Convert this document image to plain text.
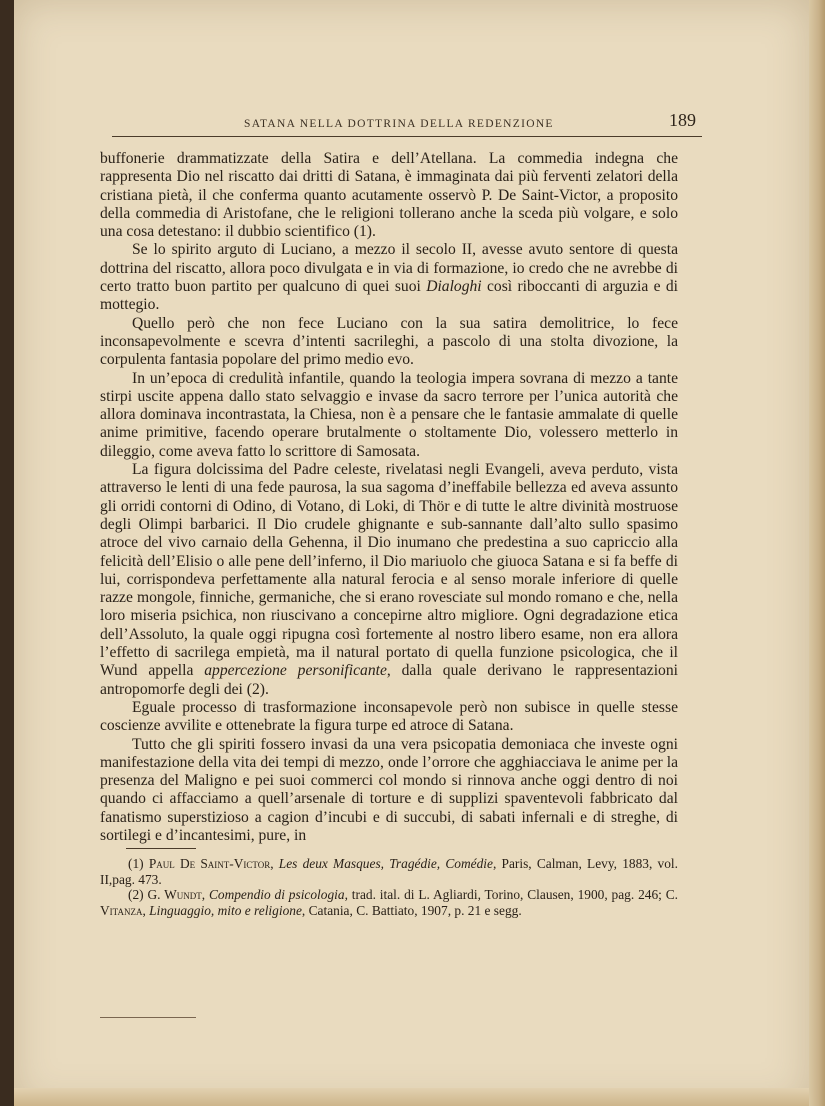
SATANA NELLA DOTTRINA DELLA REDENZIONE	189

buffonerie drammatizzate della Satira e dell’Atellana. La commedia indegna che rappresenta Dio nel riscatto dai dritti di Satana, è immaginata dai più ferventi zelatori della cristiana pietà, il che conferma quanto acutamente osservò P. De Saint-Victor, a proposito della commedia di Aristofane, che le religioni tollerano anche la sceda più volgare, e solo una cosa detestano: il dubbio scientifico (1).

Se lo spirito arguto di Luciano, a mezzo il secolo II, avesse avuto sentore di questa dottrina del riscatto, allora poco divulgata e in via di formazione, io credo che ne avrebbe di certo tratto buon partito per qualcuno di quei suoi Dialoghi così riboccanti di arguzia e di mottegio.

Quello però che non fece Luciano con la sua satira demolitrice, lo fece inconsapevolmente e scevra d’intenti sacrileghi, a pascolo di una stolta divozione, la corpulenta fantasia popolare del primo medio evo.

In un’epoca di credulità infantile, quando la teologia impera sovrana di mezzo a tante stirpi uscite appena dallo stato selvaggio e invase da sacro terrore per l’unica autorità che allora dominava incontrastata, la Chiesa, non è a pensare che le fantasie ammalate di quelle anime primitive, facendo operare brutalmente o stoltamente Dio, volessero metterlo in dileggio, come aveva fatto lo scrittore di Samosata.

La figura dolcissima del Padre celeste, rivelatasi negli Evangeli, aveva perduto, vista attraverso le lenti di una fede paurosa, la sua sagoma d’ineffabile bellezza ed aveva assunto gli orridi contorni di Odino, di Votano, di Loki, di Thör e di tutte le altre divinità mostruose degli Olimpi barbarici. Il Dio crudele ghignante e sub-sannante dall’alto sullo spasimo atroce del vivo carnaio della Gehenna, il Dio inumano che predestina a suo capriccio alla felicità dell’Elisio o alle pene dell’inferno, il Dio mariuolo che giuoca Satana e si fa beffe di lui, corrispondeva perfettamente alla natural ferocia e al senso morale inferiore di quelle razze mongole, finniche, germaniche, che si erano rovesciate sul mondo romano e che, nella loro miseria psichica, non riuscivano a concepirne altro migliore. Ogni degradazione etica dell’Assoluto, la quale oggi ripugna così fortemente al nostro libero esame, non era allora l’effetto di sacrilega empietà, ma il natural portato di quella funzione psicologica, che il Wund appella appercezione personificante, dalla quale derivano le rappresentazioni antropomorfe degli dei (2).

Eguale processo di trasformazione inconsapevole però non subisce in quelle stesse coscienze avvilite e ottenebrate la figura turpe ed atroce di Satana.

Tutto che gli spiriti fossero invasi da una vera psicopatia demoniaca che investe ogni manifestazione della vita dei tempi di mezzo, onde l’orrore che agghiacciava le anime per la presenza del Maligno e pei suoi commerci col mondo si rinnova anche oggi dentro di noi quando ci affacciamo a quell’arsenale di torture e di supplizi spaventevoli fabbricato dal fanatismo superstizioso a cagion d’incubi e di succubi, di sabati infernali e di streghe, di sortilegi e d’incantesimi, pure, in

(1) Paul De Saint-Victor, Les deux Masques, Tragédie, Comédie, Paris, Calman, Levy, 1883, vol. II,pag. 473.

(2) G. Wundt, Compendio di psicologia, trad. ital. di L. Agliardi, Torino, Clausen, 1900, pag. 246; C. Vitanza, Linguaggio, mito e religione, Catania, C. Battiato, 1907, p. 21 e segg.
